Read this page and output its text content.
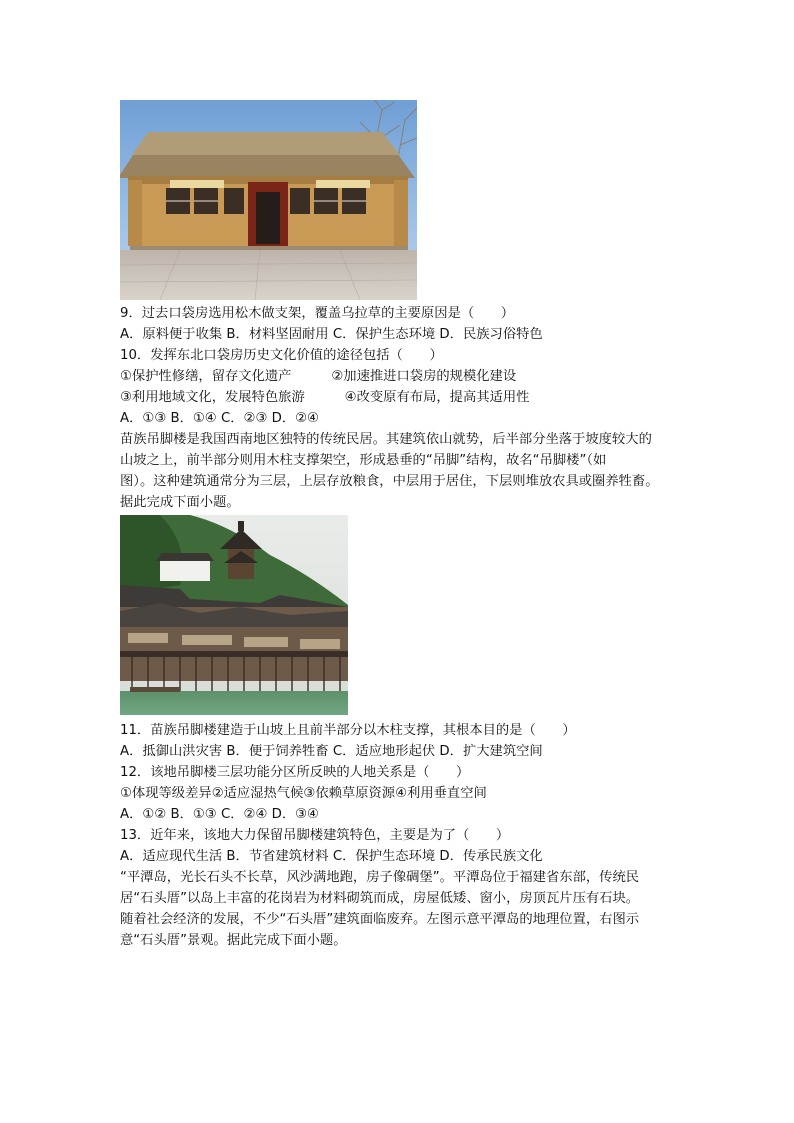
9．过去口袋房选用松木做支架，覆盖乌拉草的主要原因是（　　）
A．原料便于收集 B．材料坚固耐用 C．保护生态环境 D．民族习俗特色
10．发挥东北口袋房历史文化价值的途径包括（　　）
①保护性修缮，留存文化遗产　　　②加速推进口袋房的规模化建设
③利用地域文化，发展特色旅游　　　④改变原有布局，提高其适用性
A．①③ B．①④ C．②③ D．②④
苗族吊脚楼是我国西南地区独特的传统民居。其建筑依山就势，后半部分坐落于坡度较大的
山坡之上，前半部分则用木柱支撑架空，形成悬垂的“吊脚”结构，故名“吊脚楼”（如
图）。这种建筑通常分为三层，上层存放粮食，中层用于居住，下层则堆放农具或圈养牲畜。
据此完成下面小题。
11．苗族吊脚楼建造于山坡上且前半部分以木柱支撑，其根本目的是（　　）
A．抵御山洪灾害 B．便于饲养牲畜 C．适应地形起伏 D．扩大建筑空间
12．该地吊脚楼三层功能分区所反映的人地关系是（　　）
①体现等级差异②适应湿热气候③依赖草原资源④利用垂直空间
A．①② B．①③ C．②④ D．③④
13．近年来，该地大力保留吊脚楼建筑特色，主要是为了（　　）
A．适应现代生活 B．节省建筑材料 C．保护生态环境 D．传承民族文化
“平潭岛，光长石头不长草，风沙满地跑，房子像碉堡”。平潭岛位于福建省东部，传统民
居“石头厝”以岛上丰富的花岗岩为材料砌筑而成，房屋低矮、窗小，房顶瓦片压有石块。
随着社会经济的发展，不少“石头厝”建筑面临废弃。左图示意平潭岛的地理位置，右图示
意“石头厝”景观。据此完成下面小题。
